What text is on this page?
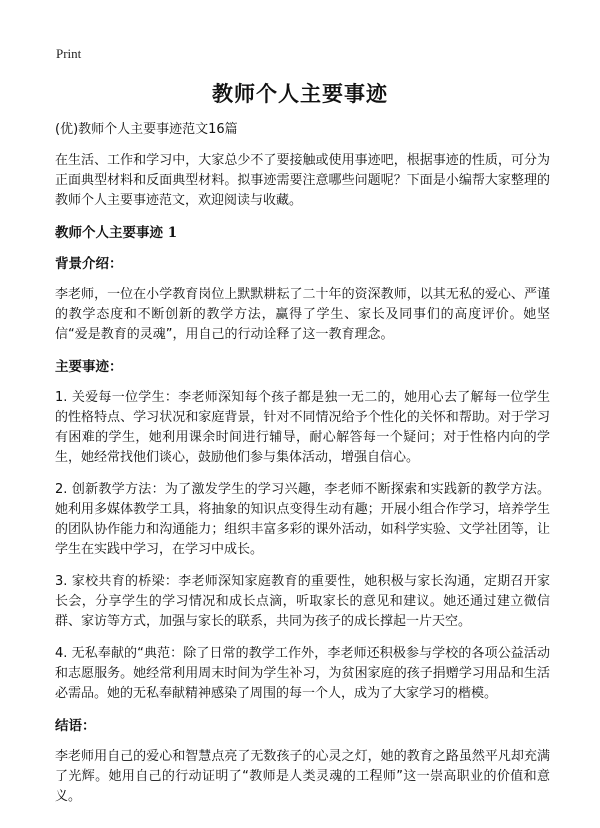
Print
教师个人主要事迹
(优)教师个人主要事迹范文16篇

在生活、工作和学习中，大家总少不了要接触或使用事迹吧，根据事迹的性质，可分为正面典型材料和反面典型材料。拟事迹需要注意哪些问题呢？下面是小编帮大家整理的教师个人主要事迹范文，欢迎阅读与收藏。

教师个人主要事迹 1
背景介绍：

李老师，一位在小学教育岗位上默默耕耘了二十年的资深教师，以其无私的爱心、严谨的教学态度和不断创新的教学方法，赢得了学生、家长及同事们的高度评价。她坚信“爱是教育的灵魂”，用自己的行动诠释了这一教育理念。

主要事迹：

1. 关爱每一位学生：李老师深知每个孩子都是独一无二的，她用心去了解每一位学生的性格特点、学习状况和家庭背景，针对不同情况给予个性化的关怀和帮助。对于学习有困难的学生，她利用课余时间进行辅导，耐心解答每一个疑问；对于性格内向的学生，她经常找他们谈心，鼓励他们参与集体活动，增强自信心。

2. 创新教学方法：为了激发学生的学习兴趣，李老师不断探索和实践新的教学方法。她利用多媒体教学工具，将抽象的知识点变得生动有趣；开展小组合作学习，培养学生的团队协作能力和沟通能力；组织丰富多彩的课外活动，如科学实验、文学社团等，让学生在实践中学习，在学习中成长。

3. 家校共育的桥梁：李老师深知家庭教育的重要性，她积极与家长沟通，定期召开家长会，分享学生的学习情况和成长点滴，听取家长的意见和建议。她还通过建立微信群、家访等方式，加强与家长的联系，共同为孩子的成长撑起一片天空。

4. 无私奉献的“典范：除了日常的教学工作外，李老师还积极参与学校的各项公益活动和志愿服务。她经常利用周末时间为学生补习，为贫困家庭的孩子捐赠学习用品和生活必需品。她的无私奉献精神感染了周围的每一个人，成为了大家学习的楷模。

结语：

李老师用自己的爱心和智慧点亮了无数孩子的心灵之灯，她的教育之路虽然平凡却充满了光辉。她用自己的行动证明了“教师是人类灵魂的工程师”这一崇高职业的价值和意义。
